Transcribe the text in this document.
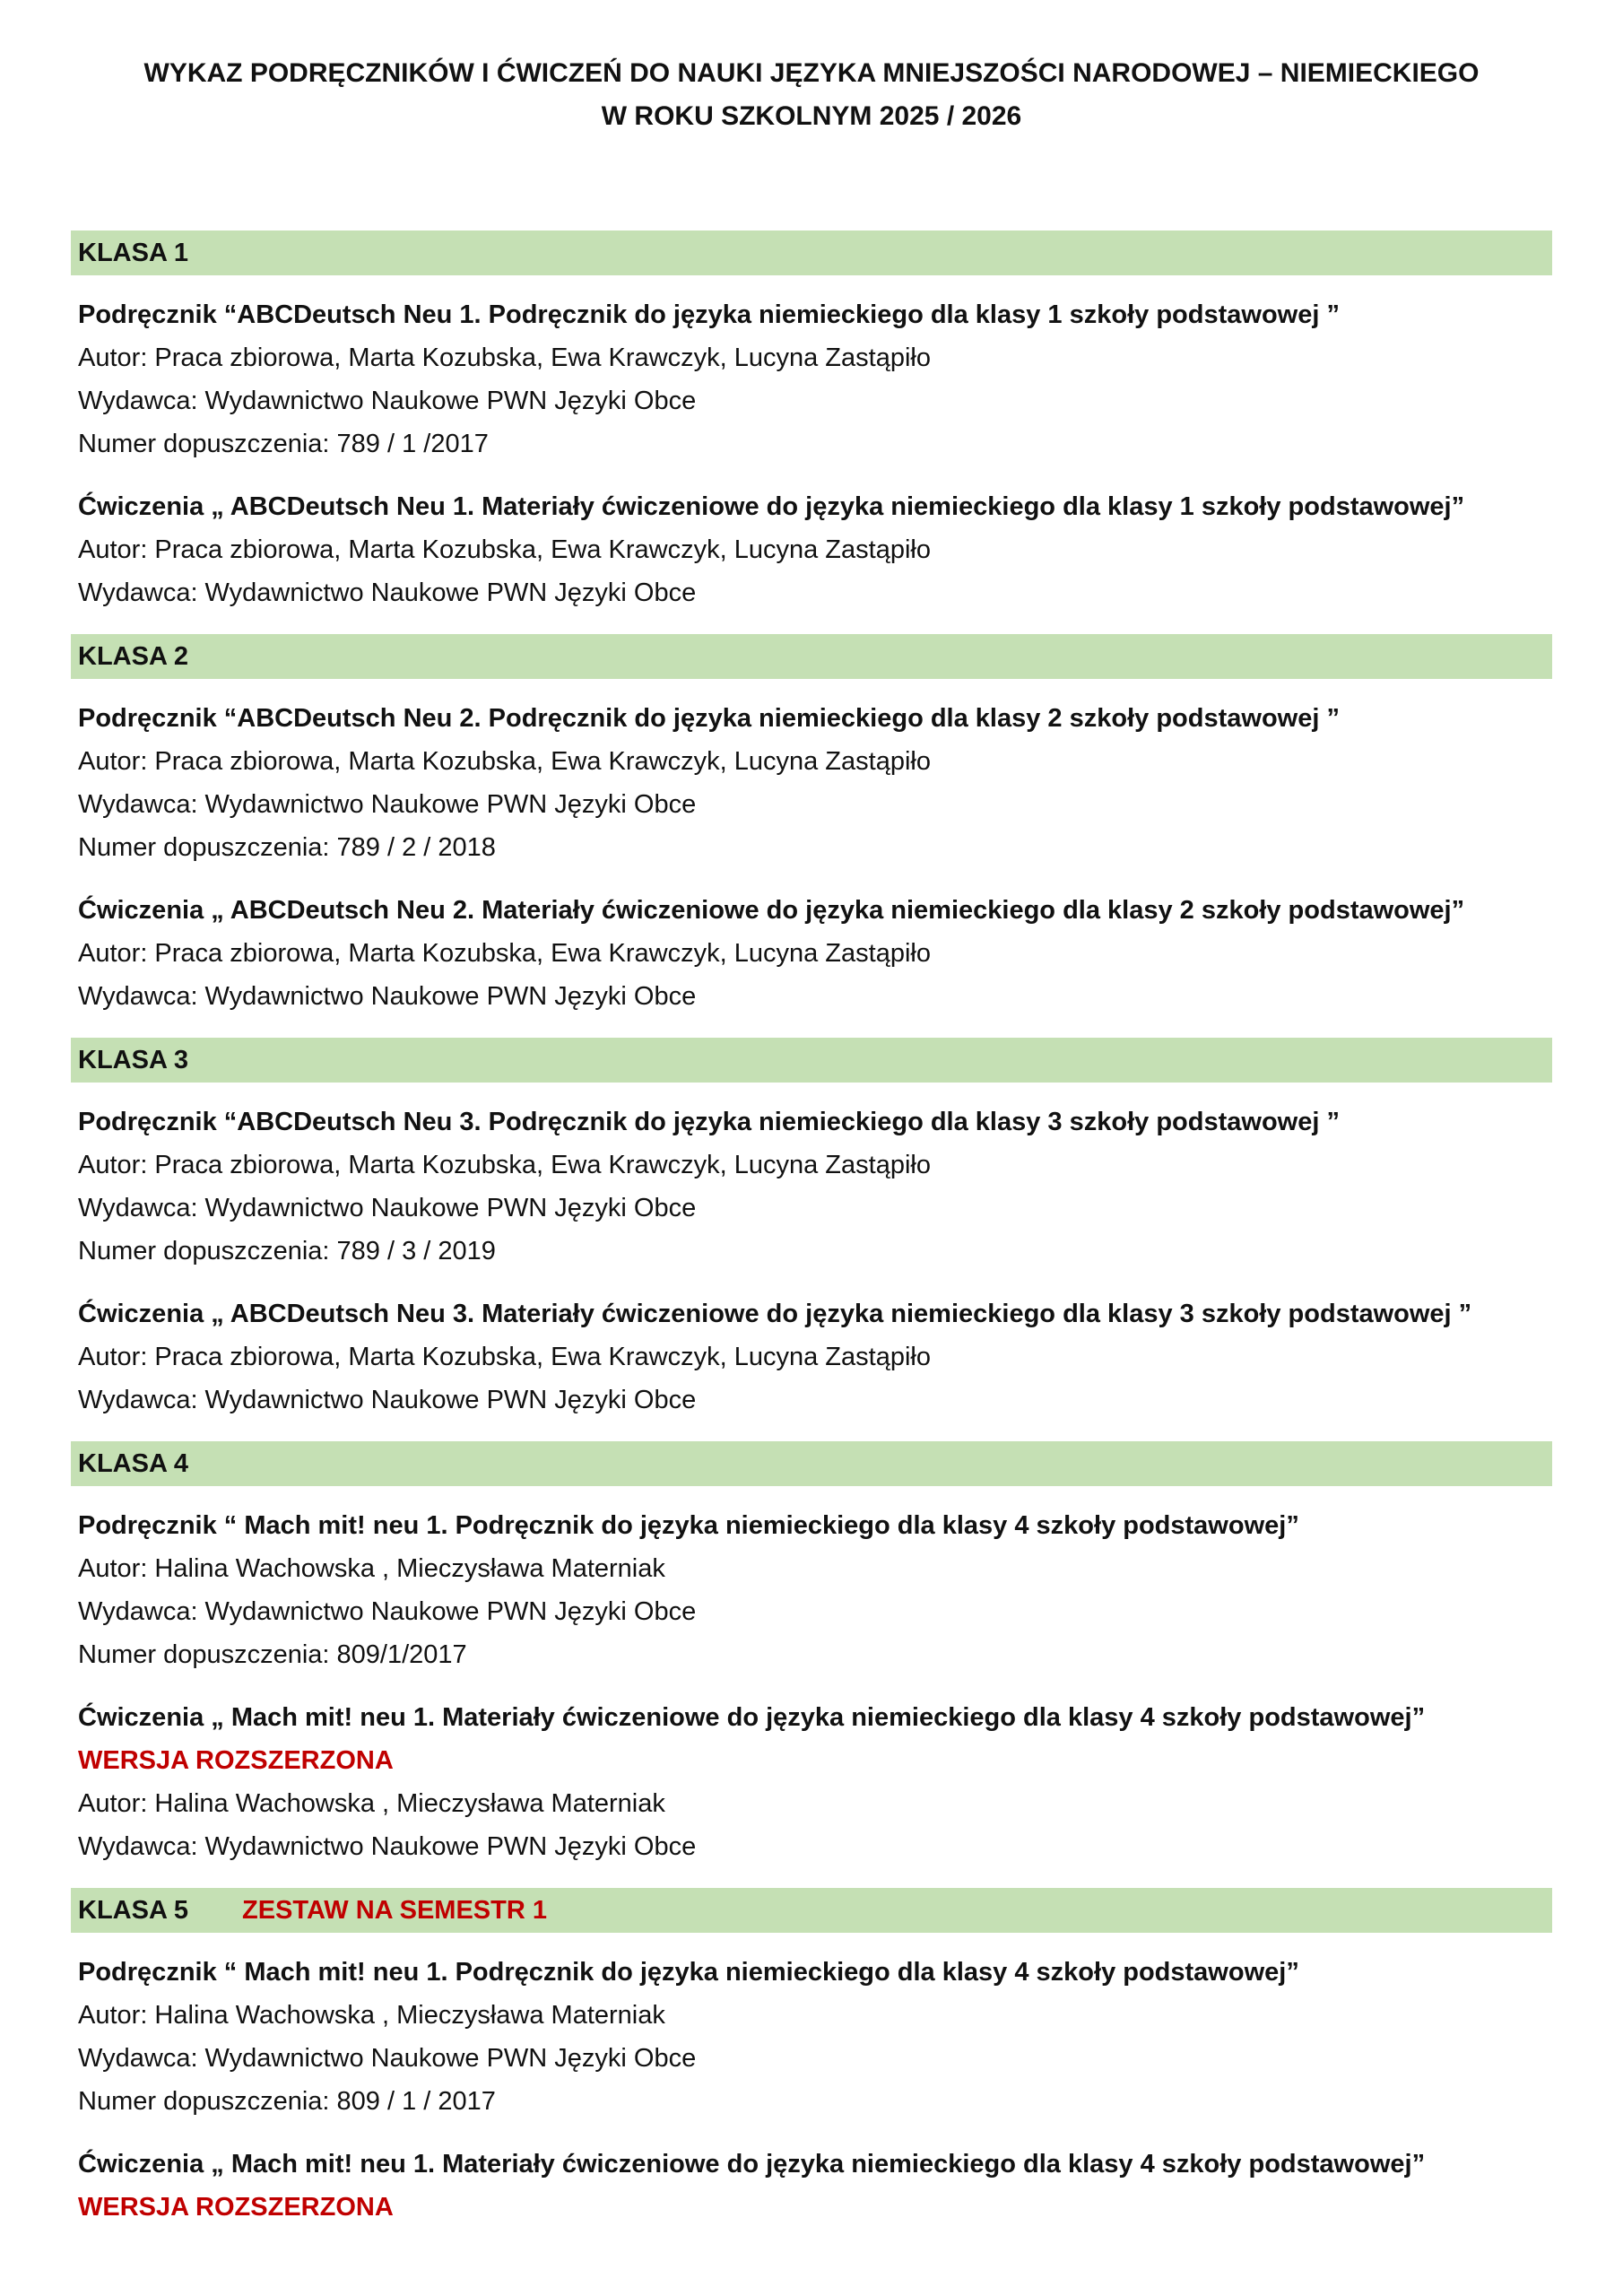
WYKAZ PODRĘCZNIKÓW I ĆWICZEŃ DO NAUKI JĘZYKA MNIEJSZOŚCI NARODOWEJ – NIEMIECKIEGO
W ROKU SZKOLNYM 2025 / 2026
KLASA 1
Podręcznik “ABCDeutsch Neu 1. Podręcznik do języka niemieckiego dla klasy 1 szkoły podstawowej ”
Autor: Praca zbiorowa, Marta Kozubska, Ewa Krawczyk, Lucyna Zastąpiło
Wydawca: Wydawnictwo Naukowe PWN Języki Obce
Numer dopuszczenia: 789 / 1 /2017
Ćwiczenia „ ABCDeutsch Neu 1. Materiały ćwiczeniowe do języka niemieckiego dla klasy 1 szkoły podstawowej”
Autor: Praca zbiorowa, Marta Kozubska, Ewa Krawczyk, Lucyna Zastąpiło
Wydawca: Wydawnictwo Naukowe PWN Języki Obce
KLASA 2
Podręcznik “ABCDeutsch Neu 2. Podręcznik do języka niemieckiego dla klasy 2 szkoły podstawowej ”
Autor: Praca zbiorowa, Marta Kozubska, Ewa Krawczyk, Lucyna Zastąpiło
Wydawca: Wydawnictwo Naukowe PWN Języki Obce
Numer dopuszczenia: 789 / 2 / 2018
Ćwiczenia „ ABCDeutsch Neu 2. Materiały ćwiczeniowe do języka niemieckiego dla klasy 2 szkoły podstawowej”
Autor: Praca zbiorowa, Marta Kozubska, Ewa Krawczyk, Lucyna Zastąpiło
Wydawca: Wydawnictwo Naukowe PWN Języki Obce
KLASA 3
Podręcznik “ABCDeutsch Neu 3. Podręcznik do języka niemieckiego dla klasy 3 szkoły podstawowej ”
Autor: Praca zbiorowa, Marta Kozubska, Ewa Krawczyk, Lucyna Zastąpiło
Wydawca: Wydawnictwo Naukowe PWN Języki Obce
Numer dopuszczenia: 789 / 3 / 2019
Ćwiczenia „ ABCDeutsch Neu 3. Materiały ćwiczeniowe do języka niemieckiego dla klasy 3 szkoły podstawowej ”
Autor: Praca zbiorowa, Marta Kozubska, Ewa Krawczyk, Lucyna Zastąpiło
Wydawca: Wydawnictwo Naukowe PWN Języki Obce
KLASA 4
Podręcznik “ Mach mit! neu 1. Podręcznik do języka niemieckiego dla klasy 4 szkoły podstawowej”
Autor: Halina Wachowska , Mieczysława Materniak
Wydawca: Wydawnictwo Naukowe PWN Języki Obce
Numer dopuszczenia: 809/1/2017
Ćwiczenia „ Mach mit! neu 1. Materiały ćwiczeniowe do języka niemieckiego dla klasy 4 szkoły podstawowej”
WERSJA ROZSZERZONA
Autor: Halina Wachowska , Mieczysława Materniak
Wydawca: Wydawnictwo Naukowe PWN Języki Obce
KLASA 5 ZESTAW NA SEMESTR 1
Podręcznik “ Mach mit! neu 1. Podręcznik do języka niemieckiego dla klasy 4 szkoły podstawowej”
Autor: Halina Wachowska , Mieczysława Materniak
Wydawca: Wydawnictwo Naukowe PWN Języki Obce
Numer dopuszczenia: 809 / 1 / 2017
Ćwiczenia „ Mach mit! neu 1. Materiały ćwiczeniowe do języka niemieckiego dla klasy 4 szkoły podstawowej”
WERSJA ROZSZERZONA
